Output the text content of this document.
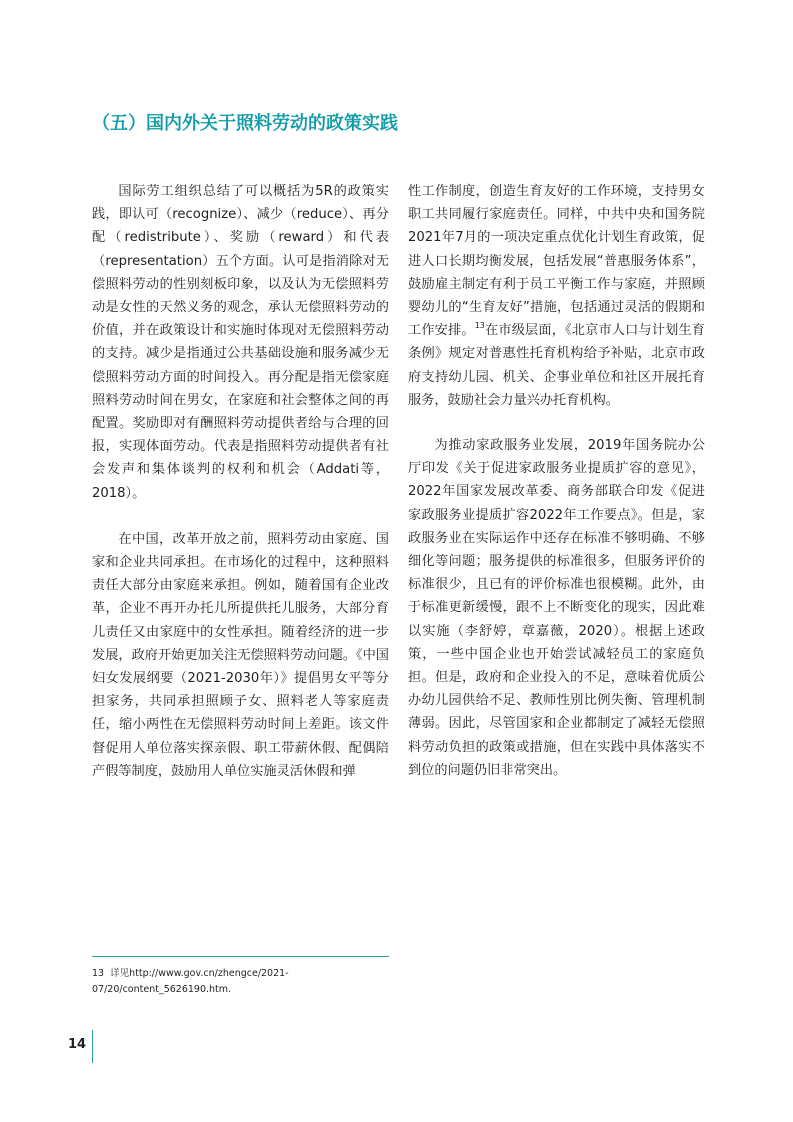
（五）国内外关于照料劳动的政策实践

国际劳工组织总结了可以概括为5R的政策实践，即认可（recognize）、减少（reduce）、再分配（redistribute）、奖励（reward）和代表（representation）五个方面。认可是指消除对无偿照料劳动的性别刻板印象，以及认为无偿照料劳动是女性的天然义务的观念，承认无偿照料劳动的价值，并在政策设计和实施时体现对无偿照料劳动的支持。减少是指通过公共基础设施和服务减少无偿照料劳动方面的时间投入。再分配是指无偿家庭照料劳动时间在男女，在家庭和社会整体之间的再配置。奖励即对有酬照料劳动提供者给与合理的回报，实现体面劳动。代表是指照料劳动提供者有社会发声和集体谈判的权利和机会（Addati等，2018）。

在中国，改革开放之前，照料劳动由家庭、国家和企业共同承担。在市场化的过程中，这种照料责任大部分由家庭来承担。例如，随着国有企业改革，企业不再开办托儿所提供托儿服务，大部分育儿责任又由家庭中的女性承担。随着经济的进一步发展，政府开始更加关注无偿照料劳动问题。《中国妇女发展纲要（2021-2030年）》提倡男女平等分担家务，共同承担照顾子女、照料老人等家庭责任，缩小两性在无偿照料劳动时间上差距。该文件督促用人单位落实探亲假、职工带薪休假、配偶陪产假等制度，鼓励用人单位实施灵活休假和弹

性工作制度，创造生育友好的工作环境，支持男女职工共同履行家庭责任。同样，中共中央和国务院2021年7月的一项决定重点优化计划生育政策，促进人口长期均衡发展，包括发展“普惠服务体系”，鼓励雇主制定有利于员工平衡工作与家庭，并照顾婴幼儿的“生育友好”措施，包括通过灵活的假期和工作安排。$^{13}$在市级层面，《北京市人口与计划生育条例》规定对普惠性托育机构给予补贴，北京市政府支持幼儿园、机关、企事业单位和社区开展托育服务，鼓励社会力量兴办托育机构。

为推动家政服务业发展，2019年国务院办公厅印发《关于促进家政服务业提质扩容的意见》，2022年国家发展改革委、商务部联合印发《促进家政服务业提质扩容2022年工作要点》。但是，家政服务业在实际运作中还存在标准不够明确、不够细化等问题；服务提供的标准很多，但服务评价的标准很少，且已有的评价标准也很模糊。此外，由于标准更新缓慢，跟不上不断变化的现实，因此难以实施（李舒婷，章嘉薇，2020）。根据上述政策，一些中国企业也开始尝试减轻员工的家庭负担。但是，政府和企业投入的不足，意味着优质公办幼儿园供给不足、教师性别比例失衡、管理机制薄弱。因此，尽管国家和企业都制定了减轻无偿照料劳动负担的政策或措施，但在实践中具体落实不到位的问题仍旧非常突出。

13 详见http://www.gov.cn/zhengce/2021-07/20/content_5626190.htm.

14
